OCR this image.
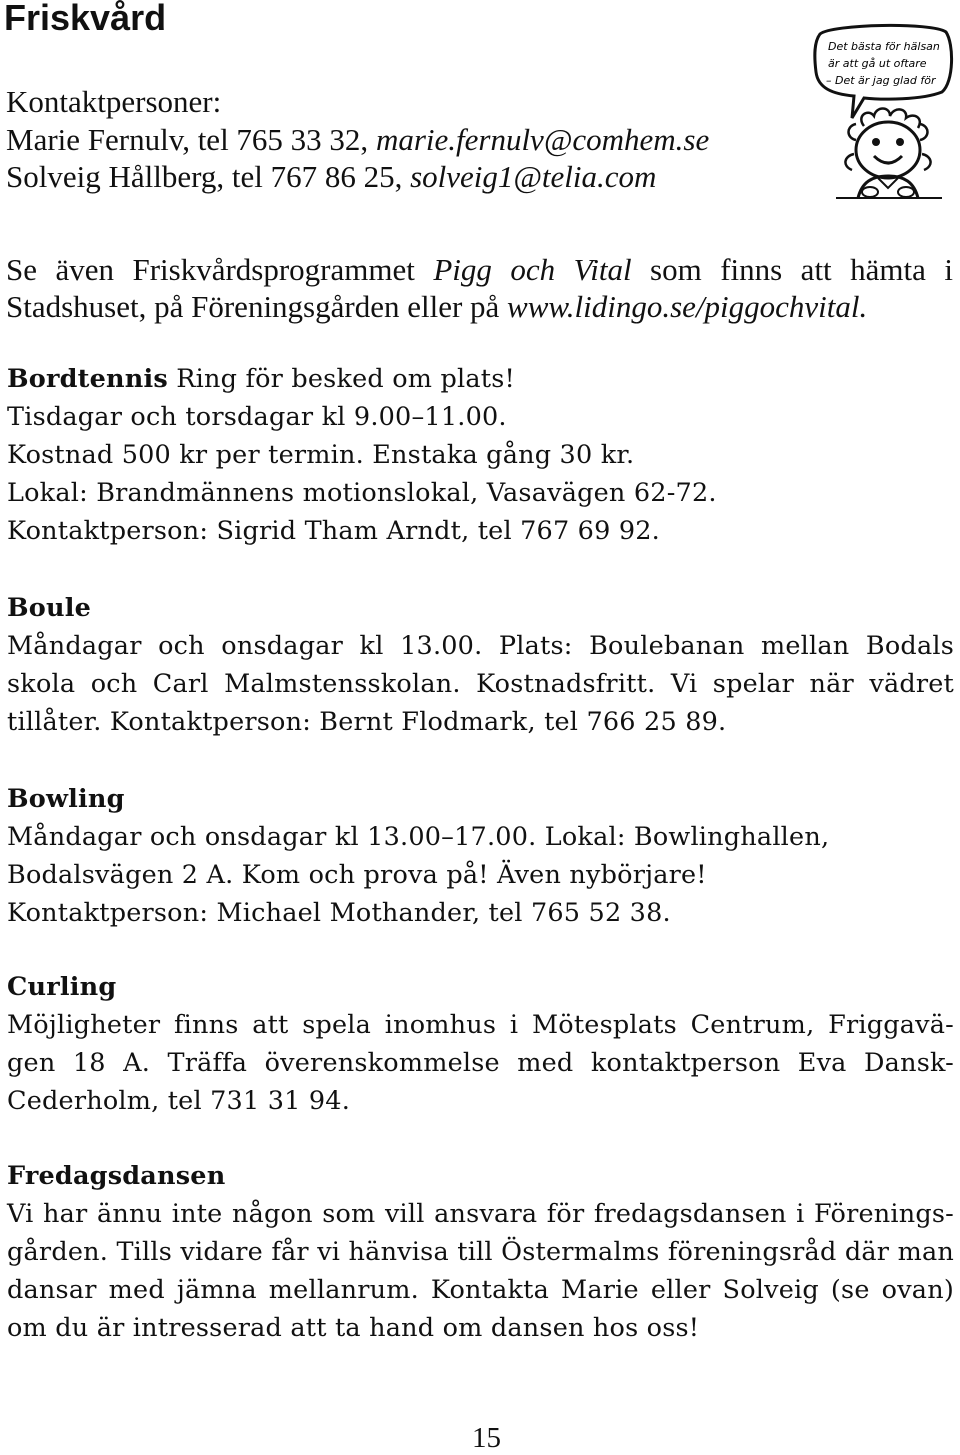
Friskvård
Det bästa för hälsan
är att gå ut oftare
– Det är jag glad för
Kontaktpersoner:
Marie Fernulv, tel 765 33 32, marie.fernulv@comhem.se
Solveig Hållberg, tel 767 86 25, solveig1@telia.com
Se även Friskvårdsprogrammet Pigg och Vital som finns att hämta i
Stadshuset, på Föreningsgården eller på www.lidingo.se/piggochvital.
Bordtennis Ring för besked om plats!
Tisdagar och torsdagar kl 9.00–11.00.
Kostnad 500 kr per termin. Enstaka gång 30 kr.
Lokal: Brandmännens motionslokal, Vasavägen 62-72.
Kontaktperson: Sigrid Tham Arndt, tel 767 69 92.
Boule
Måndagar och onsdagar kl 13.00. Plats: Boulebanan mellan Bodals
skola och Carl Malmstensskolan. Kostnadsfritt. Vi spelar när vädret
tillåter. Kontaktperson: Bernt Flodmark, tel 766 25 89.
Bowling
Måndagar och onsdagar kl 13.00–17.00. Lokal: Bowlinghallen,
Bodalsvägen 2 A. Kom och prova på! Även nybörjare!
Kontaktperson: Michael Mothander, tel 765 52 38.
Curling
Möjligheter finns att spela inomhus i Mötesplats Centrum, Friggavä-
gen 18 A. Träffa överenskommelse med kontaktperson Eva Dansk-
Cederholm, tel 731 31 94.
Fredagsdansen
Vi har ännu inte någon som vill ansvara för fredagsdansen i Förenings-
gården. Tills vidare får vi hänvisa till Östermalms föreningsråd där man
dansar med jämna mellanrum. Kontakta Marie eller Solveig (se ovan)
om du är intresserad att ta hand om dansen hos oss!
15
